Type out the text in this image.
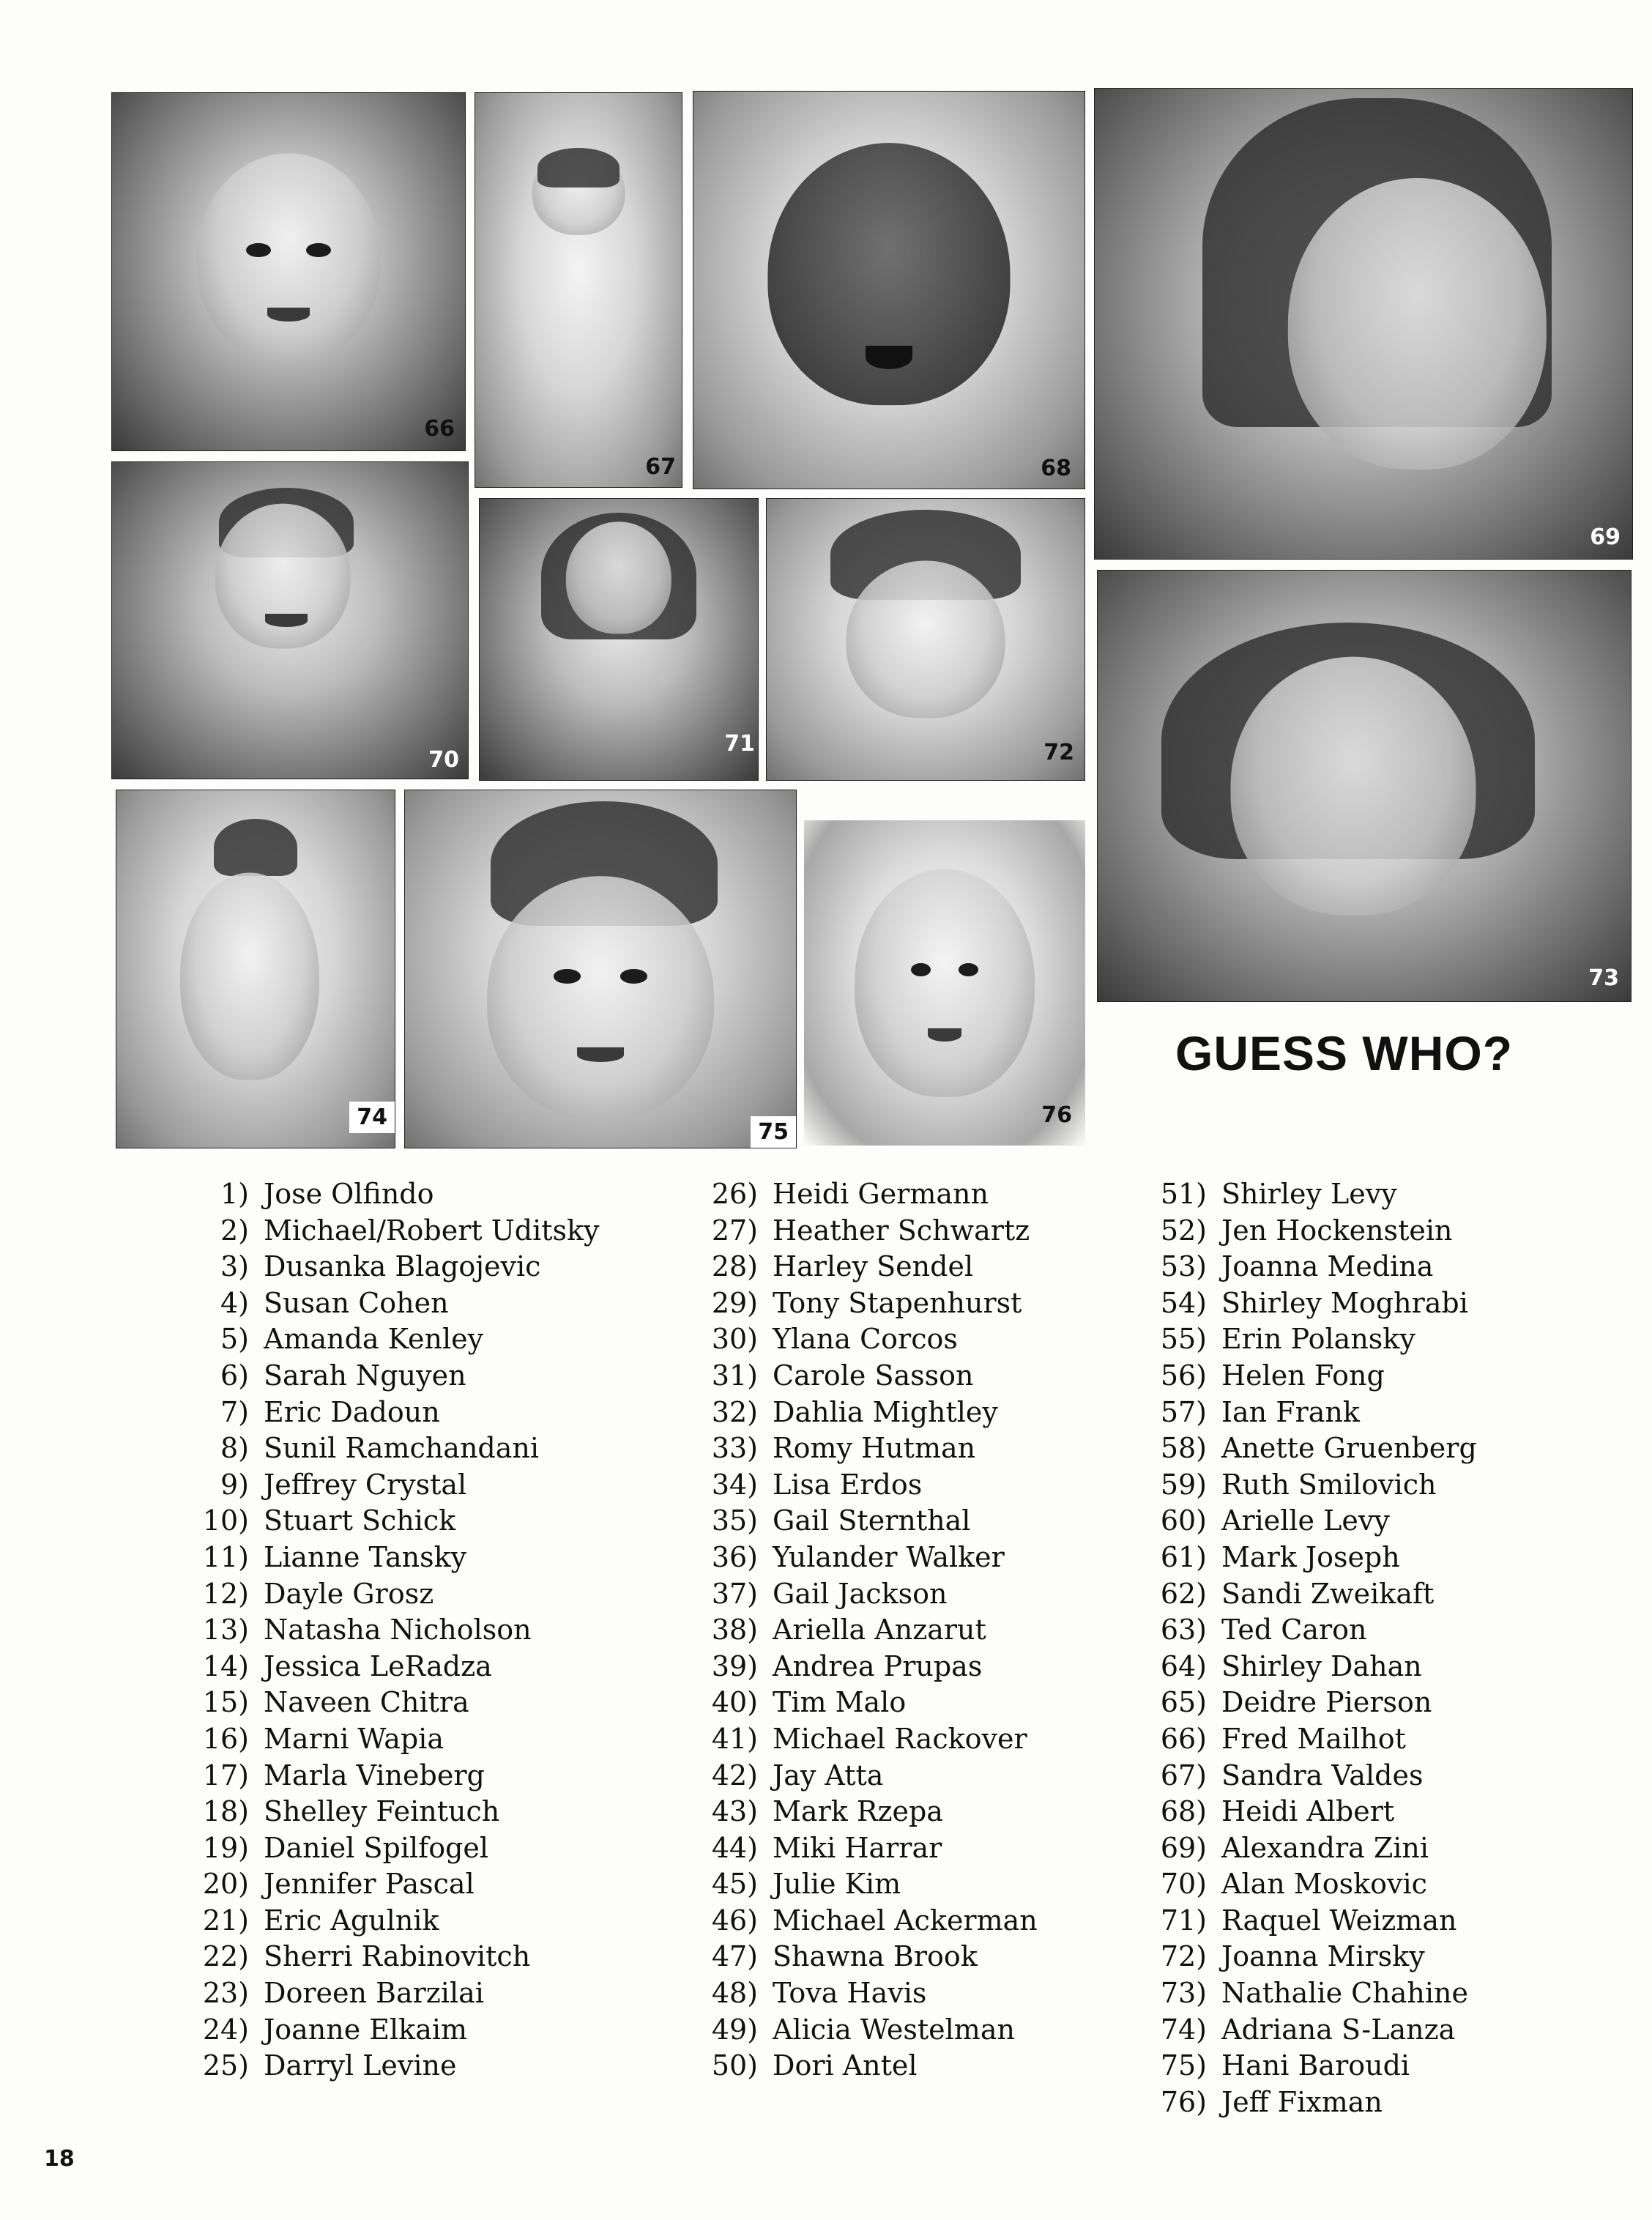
66
67	68
69
70
71	72
73
74
75
76
GUESS WHO?
1) Jose Olfindo
2) Michael/Robert Uditsky
3) Dusanka Blagojevic
4) Susan Cohen
5) Amanda Kenley
6) Sarah Nguyen
7) Eric Dadoun
8) Sunil Ramchandani
9) Jeffrey Crystal
10) Stuart Schick
11) Lianne Tansky
12) Dayle Grosz
13) Natasha Nicholson
14) Jessica LeRadza
15) Naveen Chitra
16) Marni Wapia
17) Marla Vineberg
18) Shelley Feintuch
19) Daniel Spilfogel
20) Jennifer Pascal
21) Eric Agulnik
22) Sherri Rabinovitch
23) Doreen Barzilai
24) Joanne Elkaim
25) Darryl Levine
26) Heidi Germann
27) Heather Schwartz
28) Harley Sendel
29) Tony Stapenhurst
30) Ylana Corcos
31) Carole Sasson
32) Dahlia Mightley
33) Romy Hutman
34) Lisa Erdos
35) Gail Sternthal
36) Yulander Walker
37) Gail Jackson
38) Ariella Anzarut
39) Andrea Prupas
40) Tim Malo
41) Michael Rackover
42) Jay Atta
43) Mark Rzepa
44) Miki Harrar
45) Julie Kim
46) Michael Ackerman
47) Shawna Brook
48) Tova Havis
49) Alicia Westelman
50) Dori Antel
51) Shirley Levy
52) Jen Hockenstein
53) Joanna Medina
54) Shirley Moghrabi
55) Erin Polansky
56) Helen Fong
57) Ian Frank
58) Anette Gruenberg
59) Ruth Smilovich
60) Arielle Levy
61) Mark Joseph
62) Sandi Zweikaft
63) Ted Caron
64) Shirley Dahan
65) Deidre Pierson
66) Fred Mailhot
67) Sandra Valdes
68) Heidi Albert
69) Alexandra Zini
70) Alan Moskovic
71) Raquel Weizman
72) Joanna Mirsky
73) Nathalie Chahine
74) Adriana S-Lanza
75) Hani Baroudi
76) Jeff Fixman
18
